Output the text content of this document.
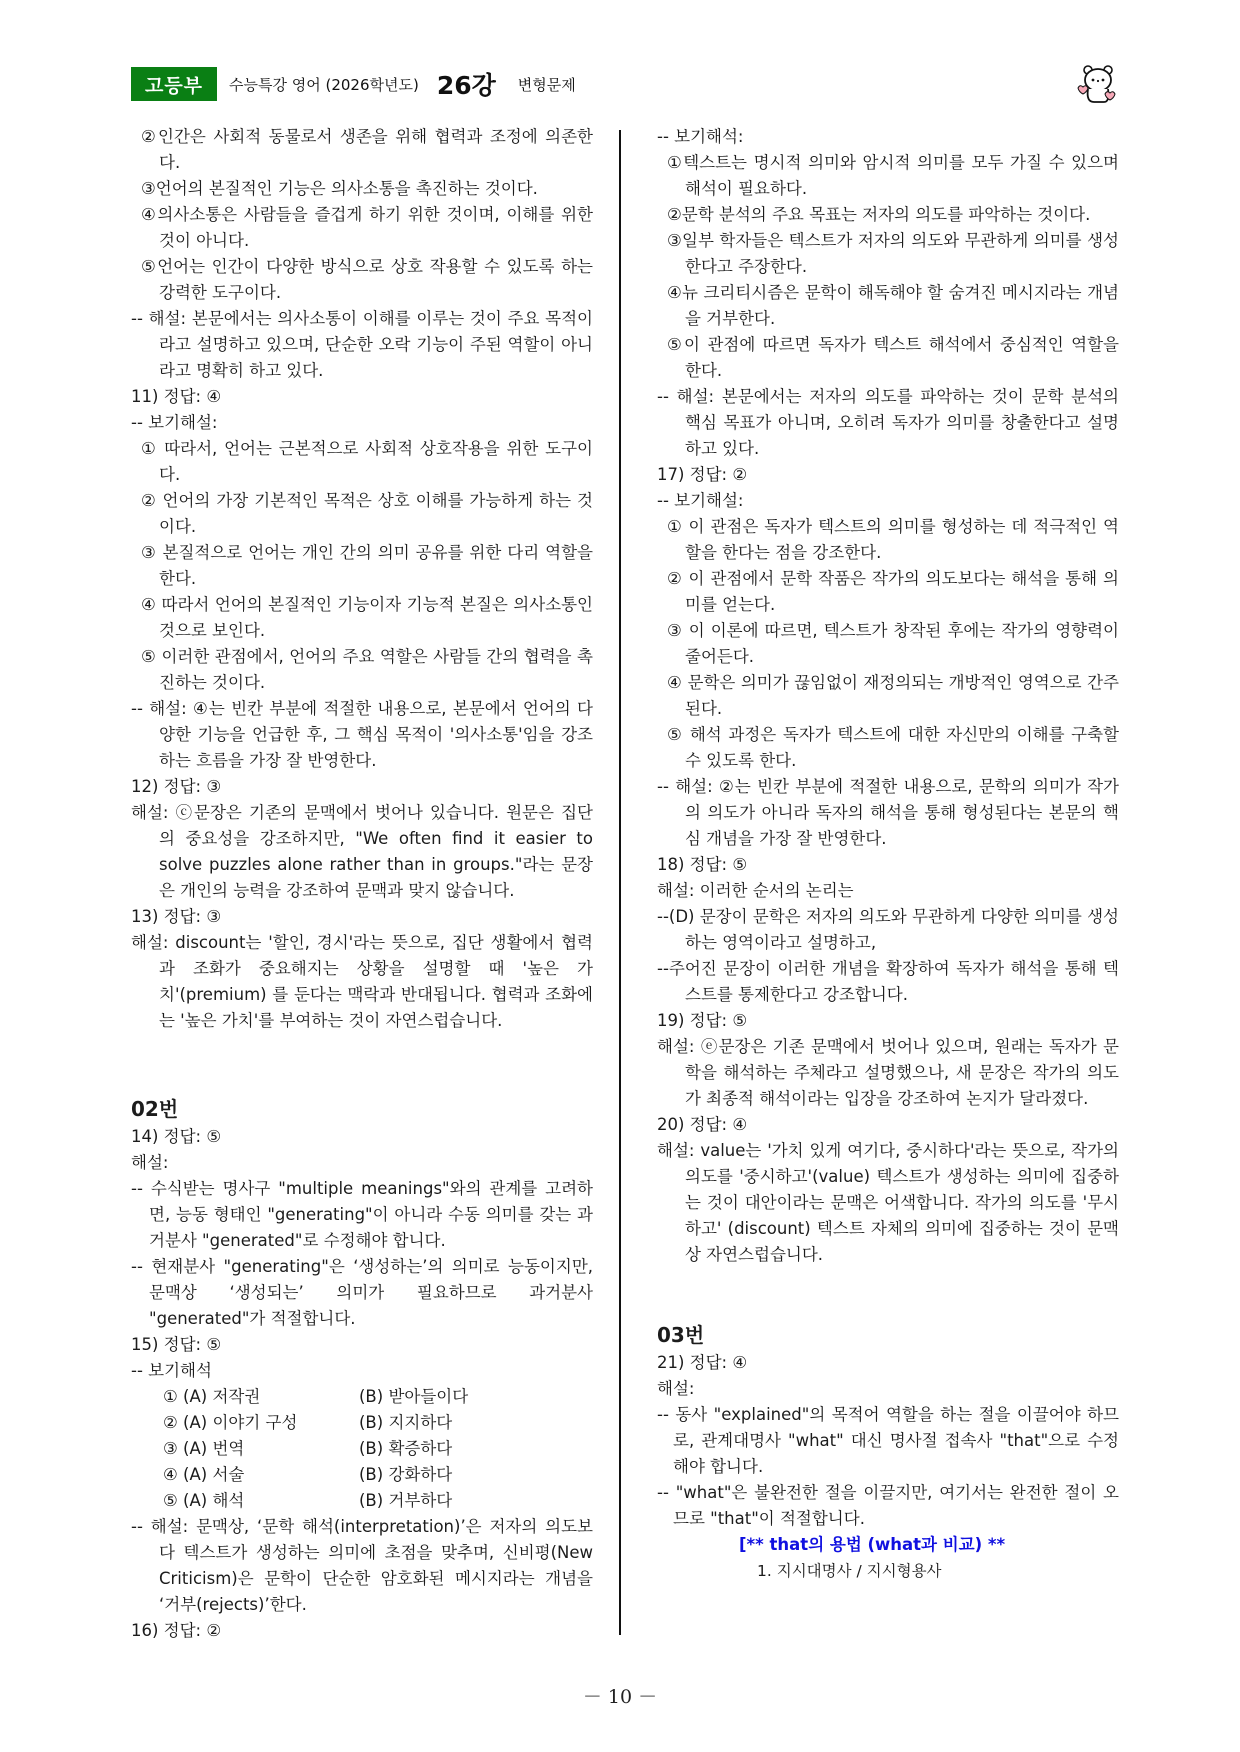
고등부	수능특강 영어 (2026학년도) 26강 변형문제
②인간은 사회적 동물로서 생존을 위해 협력과 조정에 의존한다.
③언어의 본질적인 기능은 의사소통을 촉진하는 것이다.
④의사소통은 사람들을 즐겁게 하기 위한 것이며, 이해를 위한 것이 아니다.
⑤언어는 인간이 다양한 방식으로 상호 작용할 수 있도록 하는 강력한 도구이다.
-- 해설: 본문에서는 의사소통이 이해를 이루는 것이 주요 목적이라고 설명하고 있으며, 단순한 오락 기능이 주된 역할이 아니라고 명확히 하고 있다.
11) 정답: ④
-- 보기해설:
① 따라서, 언어는 근본적으로 사회적 상호작용을 위한 도구이다.
② 언어의 가장 기본적인 목적은 상호 이해를 가능하게 하는 것이다.
③ 본질적으로 언어는 개인 간의 의미 공유를 위한 다리 역할을 한다.
④ 따라서 언어의 본질적인 기능이자 기능적 본질은 의사소통인 것으로 보인다.
⑤ 이러한 관점에서, 언어의 주요 역할은 사람들 간의 협력을 촉진하는 것이다.
-- 해설: ④는 빈칸 부분에 적절한 내용으로, 본문에서 언어의 다양한 기능을 언급한 후, 그 핵심 목적이 '의사소통'임을 강조하는 흐름을 가장 잘 반영한다.
12) 정답: ③
해설: ⓒ문장은 기존의 문맥에서 벗어나 있습니다. 원문은 집단의 중요성을 강조하지만, "We often find it easier to solve puzzles alone rather than in groups."라는 문장은 개인의 능력을 강조하여 문맥과 맞지 않습니다.
13) 정답: ③
해설: discount는 '할인, 경시'라는 뜻으로, 집단 생활에서 협력과 조화가 중요해지는 상황을 설명할 때 '높은 가치'(premium) 를 둔다는 맥락과 반대됩니다. 협력과 조화에는 '높은 가치'를 부여하는 것이 자연스럽습니다.
02번
14) 정답: ⑤
해설:
-- 수식받는 명사구 "multiple meanings"와의 관계를 고려하면, 능동 형태인 "generating"이 아니라 수동 의미를 갖는 과거분사 "generated"로 수정해야 합니다.
-- 현재분사 "generating"은 ‘생성하는’의 의미로 능동이지만, 문맥상 ‘생성되는’ 의미가 필요하므로 과거분사 "generated"가 적절합니다.
15) 정답: ⑤
-- 보기해석
① (A) 저작권	(B) 받아들이다
② (A) 이야기 구성	(B) 지지하다
③ (A) 번역	(B) 확증하다
④ (A) 서술	(B) 강화하다
⑤ (A) 해석	(B) 거부하다
-- 해설: 문맥상, ‘문학 해석(interpretation)’은 저자의 의도보다 텍스트가 생성하는 의미에 초점을 맞추며, 신비평(New Criticism)은 문학이 단순한 암호화된 메시지라는 개념을 ‘거부(rejects)’한다.
16) 정답: ②
-- 보기해석:
①텍스트는 명시적 의미와 암시적 의미를 모두 가질 수 있으며 해석이 필요하다.
②문학 분석의 주요 목표는 저자의 의도를 파악하는 것이다.
③일부 학자들은 텍스트가 저자의 의도와 무관하게 의미를 생성한다고 주장한다.
④뉴 크리티시즘은 문학이 해독해야 할 숨겨진 메시지라는 개념을 거부한다.
⑤이 관점에 따르면 독자가 텍스트 해석에서 중심적인 역할을 한다.
-- 해설: 본문에서는 저자의 의도를 파악하는 것이 문학 분석의 핵심 목표가 아니며, 오히려 독자가 의미를 창출한다고 설명하고 있다.
17) 정답: ②
-- 보기해설:
① 이 관점은 독자가 텍스트의 의미를 형성하는 데 적극적인 역할을 한다는 점을 강조한다.
② 이 관점에서 문학 작품은 작가의 의도보다는 해석을 통해 의미를 얻는다.
③ 이 이론에 따르면, 텍스트가 창작된 후에는 작가의 영향력이 줄어든다.
④ 문학은 의미가 끊임없이 재정의되는 개방적인 영역으로 간주된다.
⑤ 해석 과정은 독자가 텍스트에 대한 자신만의 이해를 구축할 수 있도록 한다.
-- 해설: ②는 빈칸 부분에 적절한 내용으로, 문학의 의미가 작가의 의도가 아니라 독자의 해석을 통해 형성된다는 본문의 핵심 개념을 가장 잘 반영한다.
18) 정답: ⑤
해설: 이러한 순서의 논리는
--(D) 문장이 문학은 저자의 의도와 무관하게 다양한 의미를 생성하는 영역이라고 설명하고,
--주어진 문장이 이러한 개념을 확장하여 독자가 해석을 통해 텍스트를 통제한다고 강조합니다.
19) 정답: ⑤
해설: ⓔ문장은 기존 문맥에서 벗어나 있으며, 원래는 독자가 문학을 해석하는 주체라고 설명했으나, 새 문장은 작가의 의도가 최종적 해석이라는 입장을 강조하여 논지가 달라졌다.
20) 정답: ④
해설: value는 '가치 있게 여기다, 중시하다'라는 뜻으로, 작가의 의도를 '중시하고'(value) 텍스트가 생성하는 의미에 집중하는 것이 대안이라는 문맥은 어색합니다. 작가의 의도를 '무시하고' (discount) 텍스트 자체의 의미에 집중하는 것이 문맥상 자연스럽습니다.
03번
21) 정답: ④
해설:
-- 동사 "explained"의 목적어 역할을 하는 절을 이끌어야 하므로, 관계대명사 "what" 대신 명사절 접속사 "that"으로 수정해야 합니다.
-- "what"은 불완전한 절을 이끌지만, 여기서는 완전한 절이 오므로 "that"이 적절합니다.
[** that의 용법 (what과 비교) **
1. 지시대명사 / 지시형용사
－ 10 －
